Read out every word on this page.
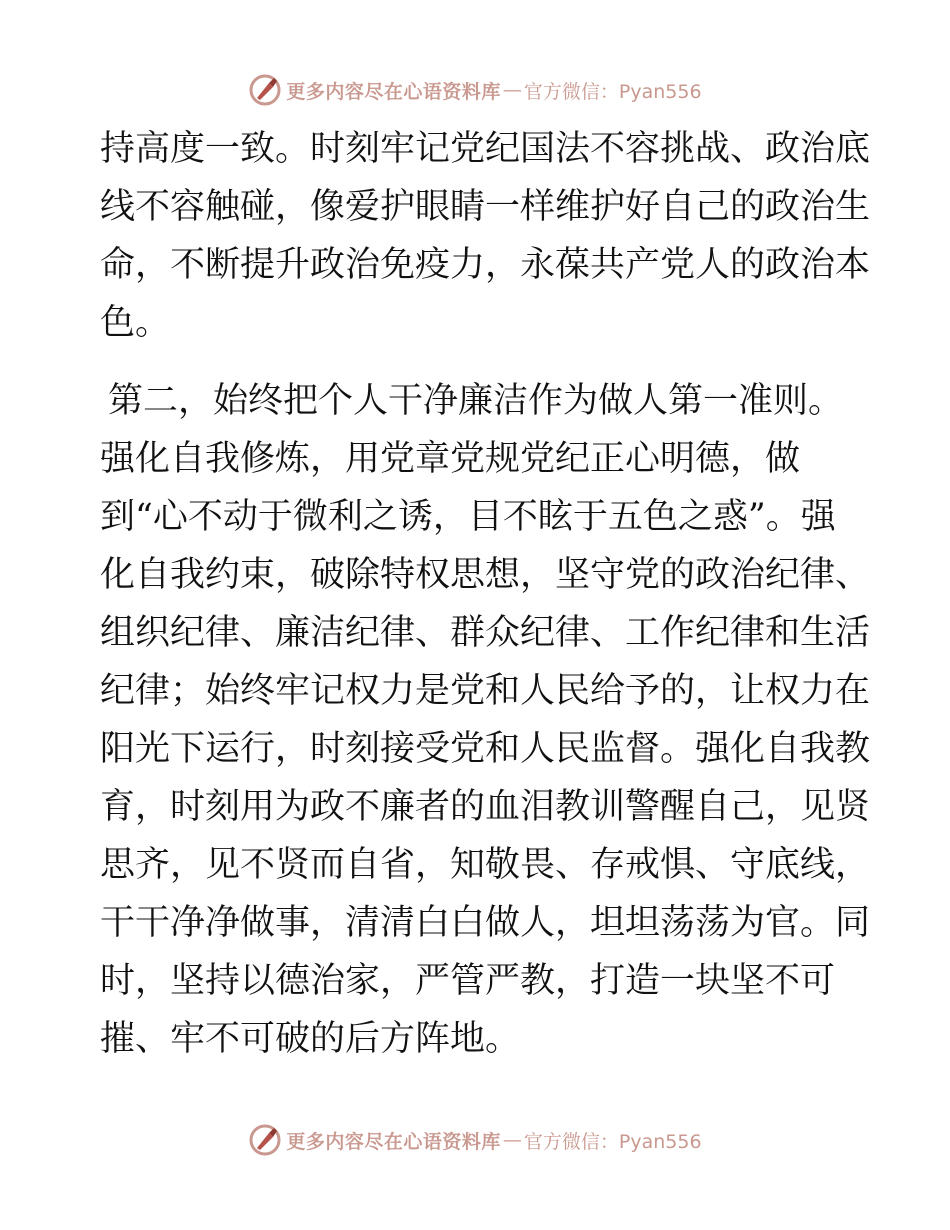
更多内容尽在心语资料库 — 官方微信：Pyan556
持高度一致。时刻牢记党纪国法不容挑战、政治底
线不容触碰，像爱护眼睛一样维护好自己的政治生
命，不断提升政治免疫力，永葆共产党人的政治本
色。
第二，始终把个人干净廉洁作为做人第一准则。
强化自我修炼，用党章党规党纪正心明德，做
到“心不动于微利之诱，目不眩于五色之惑”。强
化自我约束，破除特权思想，坚守党的政治纪律、
组织纪律、廉洁纪律、群众纪律、工作纪律和生活
纪律；始终牢记权力是党和人民给予的，让权力在
阳光下运行，时刻接受党和人民监督。强化自我教
育，时刻用为政不廉者的血泪教训警醒自己，见贤
思齐，见不贤而自省，知敬畏、存戒惧、守底线，
干干净净做事，清清白白做人，坦坦荡荡为官。同
时，坚持以德治家，严管严教，打造一块坚不可
摧、牢不可破的后方阵地。
更多内容尽在心语资料库 — 官方微信：Pyan556
